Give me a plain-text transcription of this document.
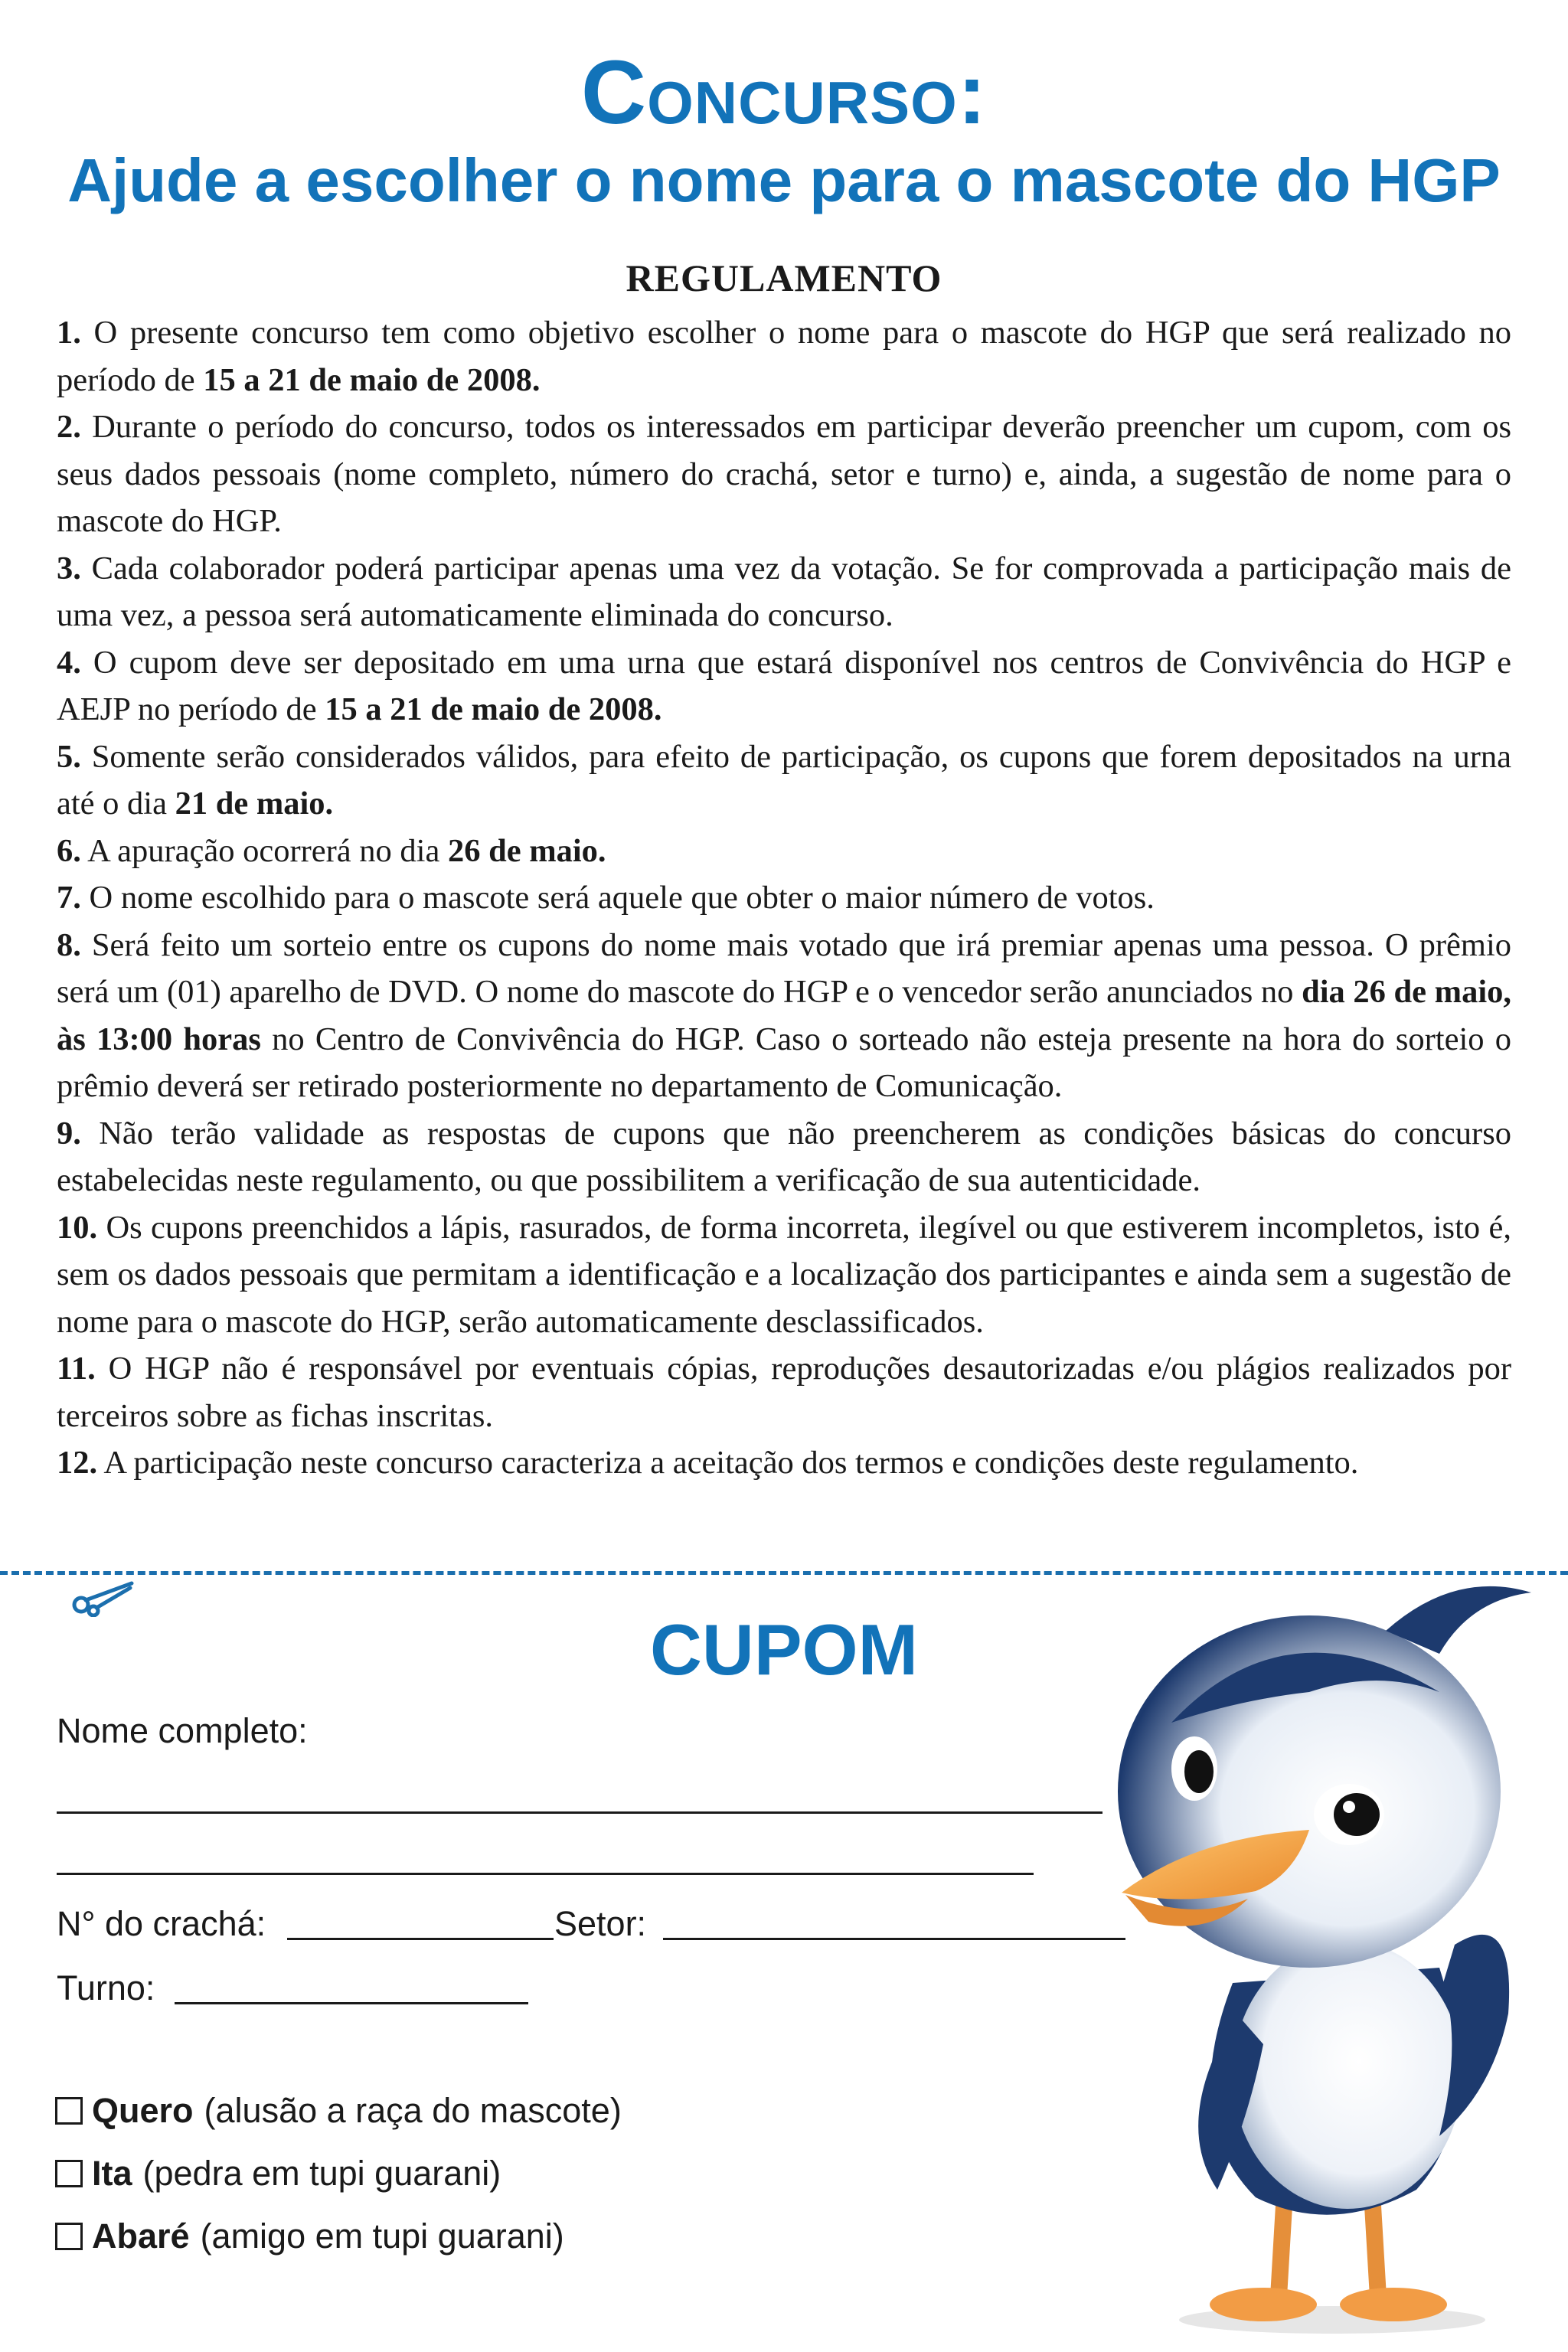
Concurso:
Ajude a escolher o nome para o mascote do HGP
REGULAMENTO

1. O presente concurso tem como objetivo escolher o nome para o mascote do HGP que será realizado no período de 15 a 21 de maio de 2008.

2. Durante o período do concurso, todos os interessados em participar deverão preencher um cupom, com os seus dados pessoais (nome completo, número do crachá, setor e turno) e, ainda, a sugestão de nome para o mascote do HGP.

3. Cada colaborador poderá participar apenas uma vez da votação. Se for comprovada a participação mais de uma vez, a pessoa será automaticamente eliminada do concurso.

4. O cupom deve ser depositado em uma urna que estará disponível nos centros de Convivência do HGP e AEJP no período de 15 a 21 de maio de 2008.

5. Somente serão considerados válidos, para efeito de participação, os cupons que forem depositados na urna até o dia 21 de maio.

6. A apuração ocorrerá no dia 26 de maio.

7. O nome escolhido para o mascote será aquele que obter o maior número de votos.

8. Será feito um sorteio entre os cupons do nome mais votado que irá premiar apenas uma pessoa. O prêmio será um (01) aparelho de DVD. O nome do mascote do HGP e o vencedor serão anunciados no dia 26 de maio, às 13:00 horas no Centro de Convivência do HGP. Caso o sorteado não esteja presente na hora do sorteio o prêmio deverá ser retirado posteriormente no departamento de Comunicação.

9. Não terão validade as respostas de cupons que não preencherem as condições básicas do concurso estabelecidas neste regulamento, ou que possibilitem a verificação de sua autenticidade.

10. Os cupons preenchidos a lápis, rasurados, de forma incorreta, ilegível ou que estiverem incompletos, isto é, sem os dados pessoais que permitam a identificação e a localização dos participantes e ainda sem a sugestão de nome para o mascote do HGP, serão automaticamente desclassificados.

11. O HGP não é responsável por eventuais cópias, reproduções desautorizadas e/ou plágios realizados por terceiros sobre as fichas inscritas.

12. A participação neste concurso caracteriza a aceitação dos termos e condições deste regulamento.

CUPOM
Nome completo:
N° do crachá:	Setor:
Turno:
Quero (alusão a raça do mascote)
Ita (pedra em tupi guarani)
Abaré (amigo em tupi guarani)
